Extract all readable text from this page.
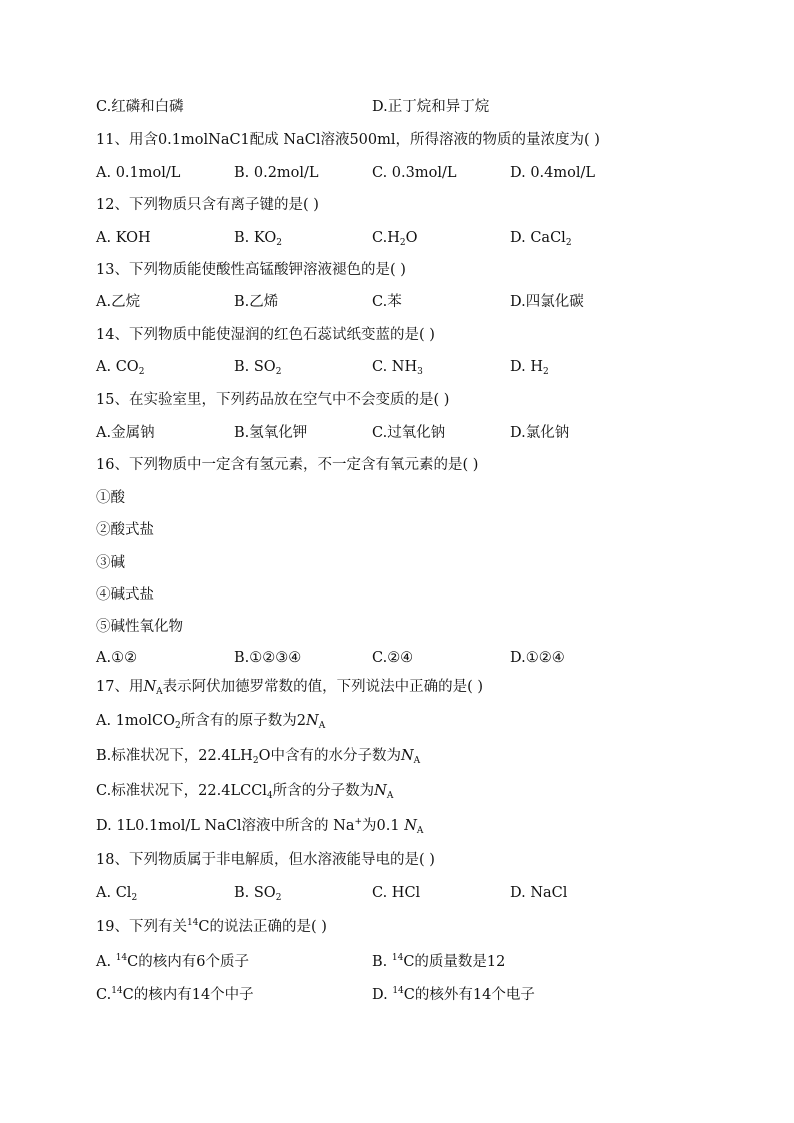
C.红磷和白磷	D.正丁烷和异丁烷
11、用含0.1molNaC1配成 NaCl溶液500ml，所得溶液的物质的量浓度为( )
A. 0.1mol/L	B. 0.2mol/L	C. 0.3mol/L	D. 0.4mol/L
12、下列物质只含有离子键的是( )
A. KOH	B. $KO_2$	$C.H_2O$	D. CaCl$_2$
13、下列物质能使酸性高锰酸钾溶液褪色的是( )
A.乙烷	B.乙烯	C.苯	D.四氯化碳
14、下列物质中能使湿润的红色石蕊试纸变蓝的是( )
A. $CO_2$	B. $SO_2$	C. $NH_3$	D. $H_2$
15、在实验室里，下列药品放在空气中不会变质的是( )
A.金属钠	B.氢氧化钾	C.过氧化钠	D.氯化钠
16、下列物质中一定含有氢元素，不一定含有氧元素的是( )
①酸
②酸式盐
③碱
④碱式盐
⑤碱性氧化物
A.①②	B.①②③④	C.②④	D.①②④
17、用$N_A$表示阿伏加德罗常数的值，下列说法中正确的是( )
A. 1molCO$_2$所含有的原子数为$2N_A$
B.标准状况下，$22.4LH_2O$中含有的水分子数为$N_A$
C.标准状况下，22.4LCCl$_4$所含的分子数为$N_A$
D. 1L0.1mol/L NaCl溶液中所含的 Na+为0.1 $N_A$
18、下列物质属于非电解质，但水溶液能导电的是( )
A. $Cl_2$	B. $SO_2$	C. HCl	D. NaCl
19、下列有关$^{14}$C的说法正确的是( )
A. $^{14}$C的核内有6个质子	B. $^{14}$C的质量数是12
C.$^{14}$C的核内有14个中子	D. $^{14}$C的核外有14个电子
